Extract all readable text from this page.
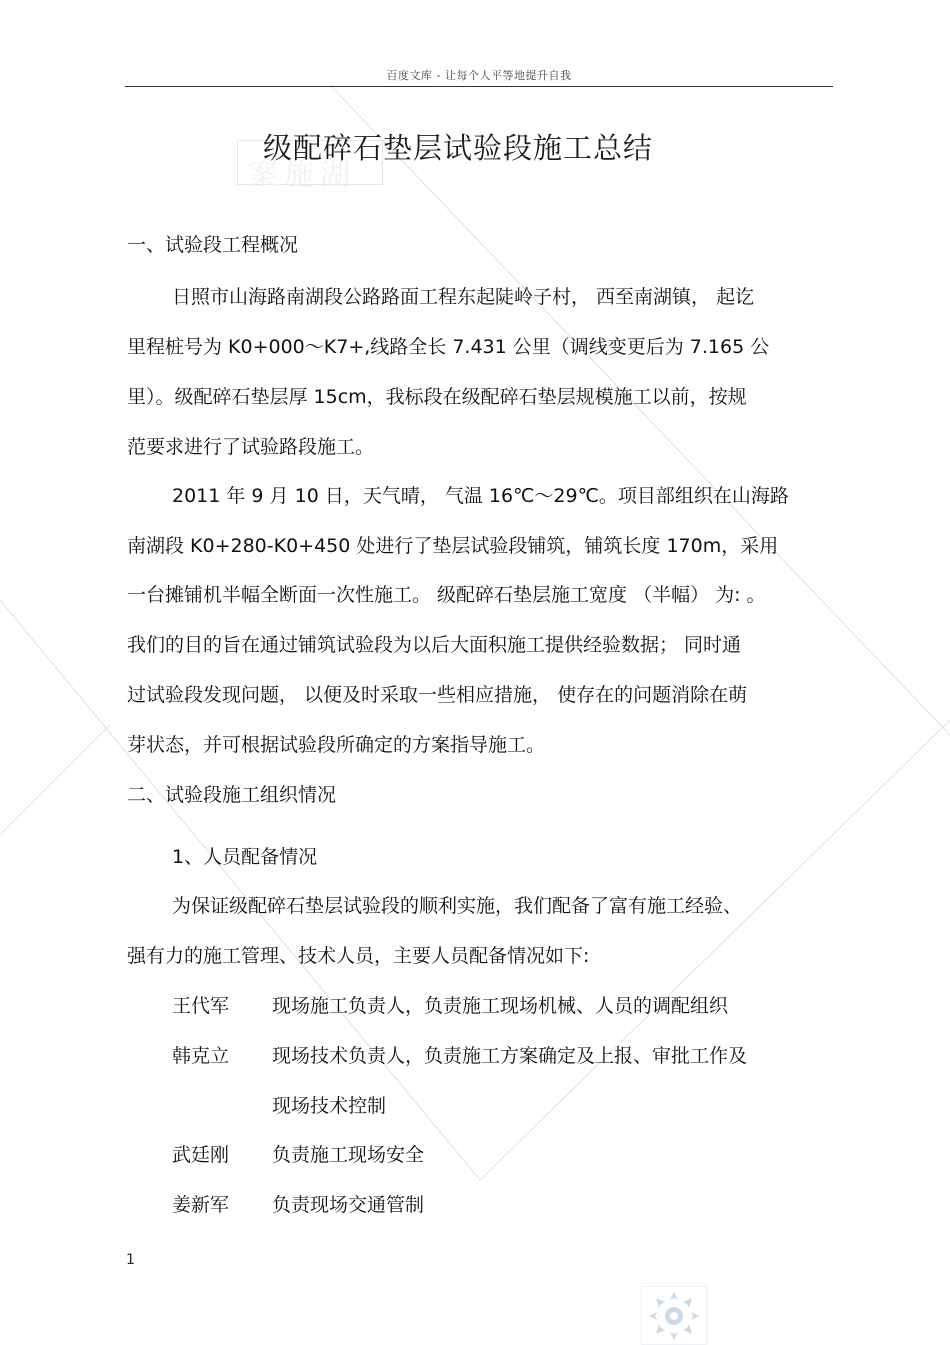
百度文库 - 让每个人平等地提升自我
案施湖
级配碎石垫层试验段施工总结
一、试验段工程概况
日照市山海路南湖段公路路面工程东起陡岭子村， 西至南湖镇， 起讫
里程桩号为 K0+000～K7+,线路全长 7.431 公里（调线变更后为 7.165 公
里）。级配碎石垫层厚 15cm，我标段在级配碎石垫层规模施工以前，按规
范要求进行了试验路段施工。
2011 年 9 月 10 日，天气晴， 气温 16℃～29℃。项目部组织在山海路
南湖段 K0+280-K0+450 处进行了垫层试验段铺筑，铺筑长度 170m，采用
一台摊铺机半幅全断面一次性施工。 级配碎石垫层施工宽度 （半幅） 为: 。
我们的目的旨在通过铺筑试验段为以后大面积施工提供经验数据； 同时通
过试验段发现问题， 以便及时采取一些相应措施， 使存在的问题消除在萌
芽状态，并可根据试验段所确定的方案指导施工。
二、试验段施工组织情况
1、人员配备情况
为保证级配碎石垫层试验段的顺利实施，我们配备了富有施工经验、
强有力的施工管理、技术人员，主要人员配备情况如下:
王代军 现场施工负责人，负责施工现场机械、人员的调配组织
韩克立 现场技术负责人，负责施工方案确定及上报、审批工作及
现场技术控制
武廷刚 负责施工现场安全
姜新军 负责现场交通管制
1
